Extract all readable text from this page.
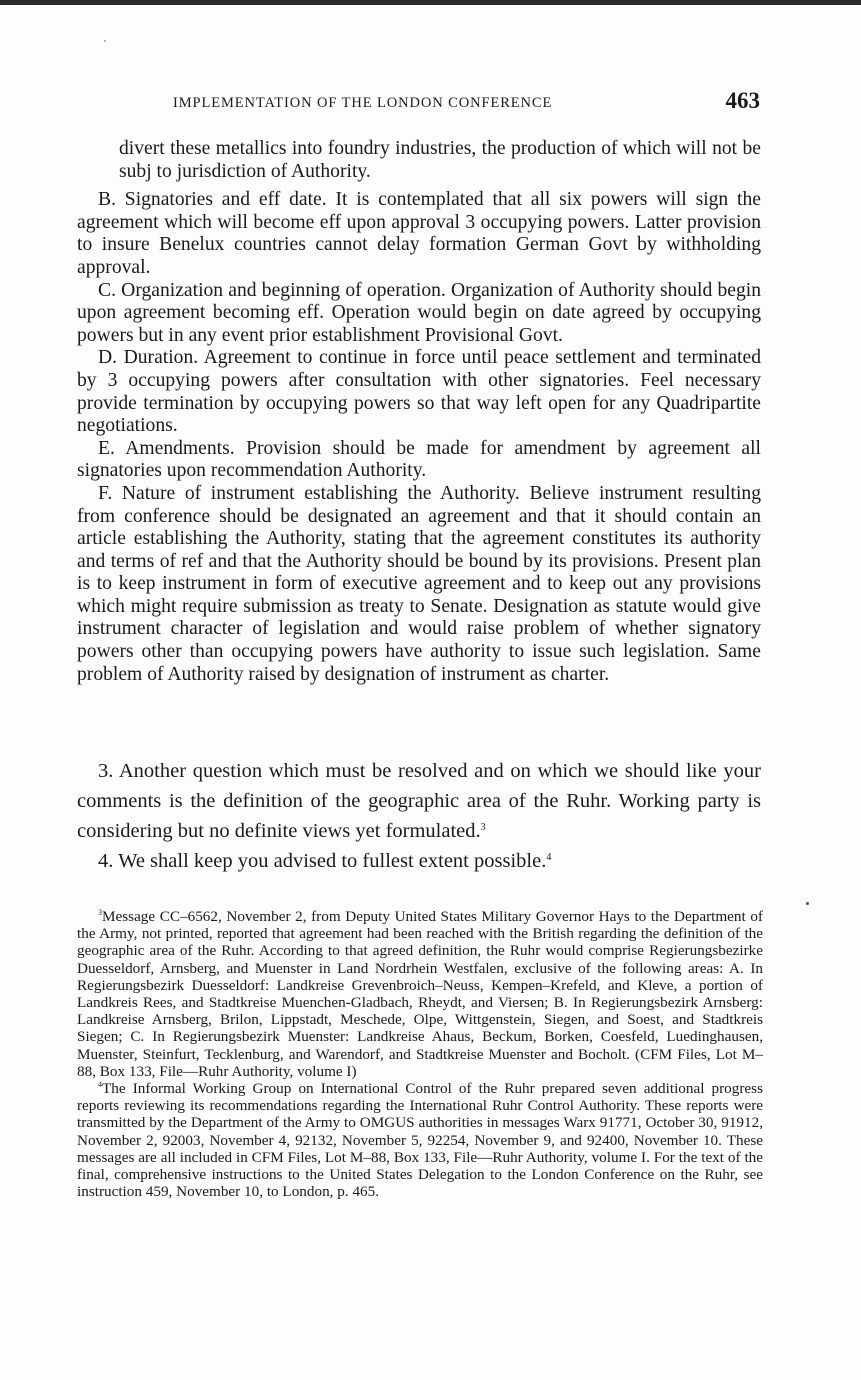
IMPLEMENTATION OF THE LONDON CONFERENCE	463

divert these metallics into foundry industries, the production of which will not be subj to jurisdiction of Authority.

B. Signatories and eff date. It is contemplated that all six powers will sign the agreement which will become eff upon approval 3 occupying powers. Latter provision to insure Benelux countries cannot delay formation German Govt by withholding approval.

C. Organization and beginning of operation. Organization of Authority should begin upon agreement becoming eff. Operation would begin on date agreed by occupying powers but in any event prior establishment Provisional Govt.

D. Duration. Agreement to continue in force until peace settlement and terminated by 3 occupying powers after consultation with other signatories. Feel necessary provide termination by occupying powers so that way left open for any Quadripartite negotiations.

E. Amendments. Provision should be made for amendment by agreement all signatories upon recommendation Authority.

F. Nature of instrument establishing the Authority. Believe instrument resulting from conference should be designated an agreement and that it should contain an article establishing the Authority, stating that the agreement constitutes its authority and terms of ref and that the Authority should be bound by its provisions. Present plan is to keep instrument in form of executive agreement and to keep out any provisions which might require submission as treaty to Senate. Designation as statute would give instrument character of legislation and would raise problem of whether signatory powers other than occupying powers have authority to issue such legislation. Same problem of Authority raised by designation of instrument as charter.

3. Another question which must be resolved and on which we should like your comments is the definition of the geographic area of the Ruhr. Working party is considering but no definite views yet formulated.$^3$

4. We shall keep you advised to fullest extent possible.$^4$

$^3$Message CC–6562, November 2, from Deputy United States Military Governor Hays to the Department of the Army, not printed, reported that agreement had been reached with the British regarding the definition of the geographic area of the Ruhr. According to that agreed definition, the Ruhr would comprise Regierungsbezirke Duesseldorf, Arnsberg, and Muenster in Land Nordrhein Westfalen, exclusive of the following areas: A. In Regierungsbezirk Duesseldorf: Landkreise Grevenbroich–Neuss, Kempen–Krefeld, and Kleve, a portion of Landkreis Rees, and Stadtkreise Muenchen-Gladbach, Rheydt, and Viersen; B. In Regierungsbezirk Arnsberg: Landkreise Arnsberg, Brilon, Lippstadt, Meschede, Olpe, Wittgenstein, Siegen, and Soest, and Stadtkreis Siegen; C. In Regierungsbezirk Muenster: Landkreise Ahaus, Beckum, Borken, Coesfeld, Luedinghausen, Muenster, Steinfurt, Tecklenburg, and Warendorf, and Stadtkreise Muenster and Bocholt. (CFM Files, Lot M–88, Box 133, File—Ruhr Authority, volume I)

$^4$The Informal Working Group on International Control of the Ruhr prepared seven additional progress reports reviewing its recommendations regarding the International Ruhr Control Authority. These reports were transmitted by the Department of the Army to OMGUS authorities in messages Warx 91771, October 30, 91912, November 2, 92003, November 4, 92132, November 5, 92254, November 9, and 92400, November 10. These messages are all included in CFM Files, Lot M–88, Box 133, File—Ruhr Authority, volume I. For the text of the final, comprehensive instructions to the United States Delegation to the London Conference on the Ruhr, see instruction 459, November 10, to London, p. 465.
